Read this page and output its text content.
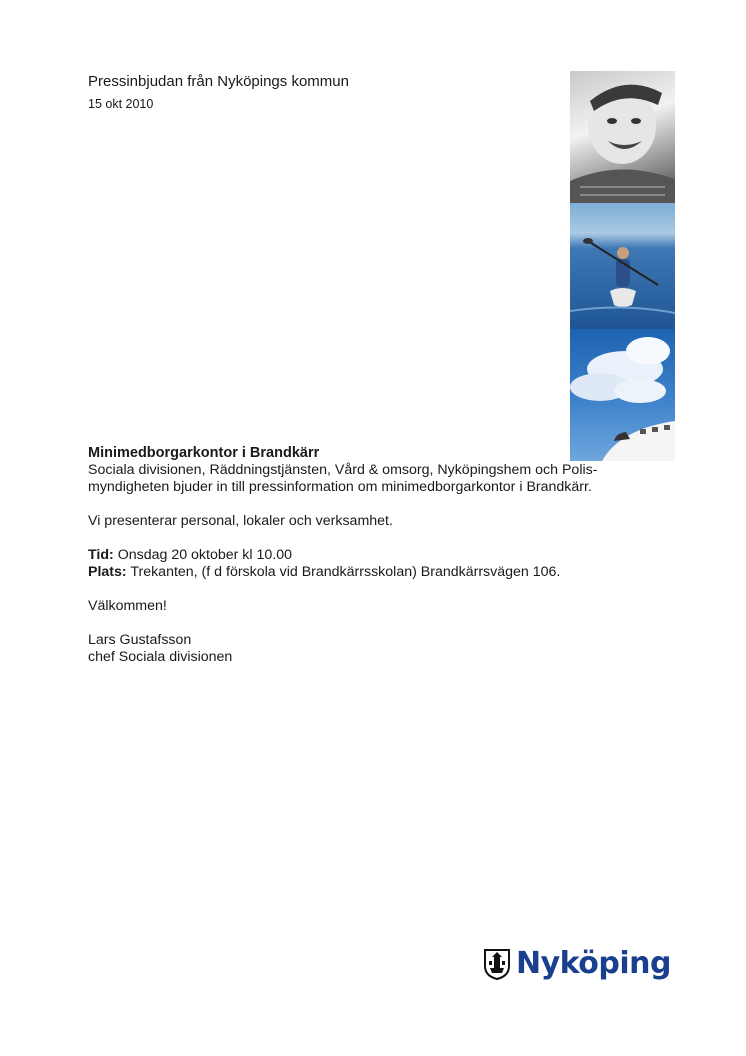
Pressinbjudan från Nyköpings kommun
15 okt 2010

Minimedborgarkontor i Brandkärr

Sociala divisionen, Räddningstjänsten, Vård & omsorg, Nyköpingshem och Polis-

myndigheten bjuder in till pressinformation om minimedborgarkontor i Brandkärr.

Vi presenterar personal, lokaler och verksamhet.

Tid: Onsdag 20 oktober kl 10.00

Plats: Trekanten, (f d förskola vid Brandkärrsskolan) Brandkärrsvägen 106.

Välkommen!

Lars Gustafsson

chef Sociala divisionen

Nyköping
